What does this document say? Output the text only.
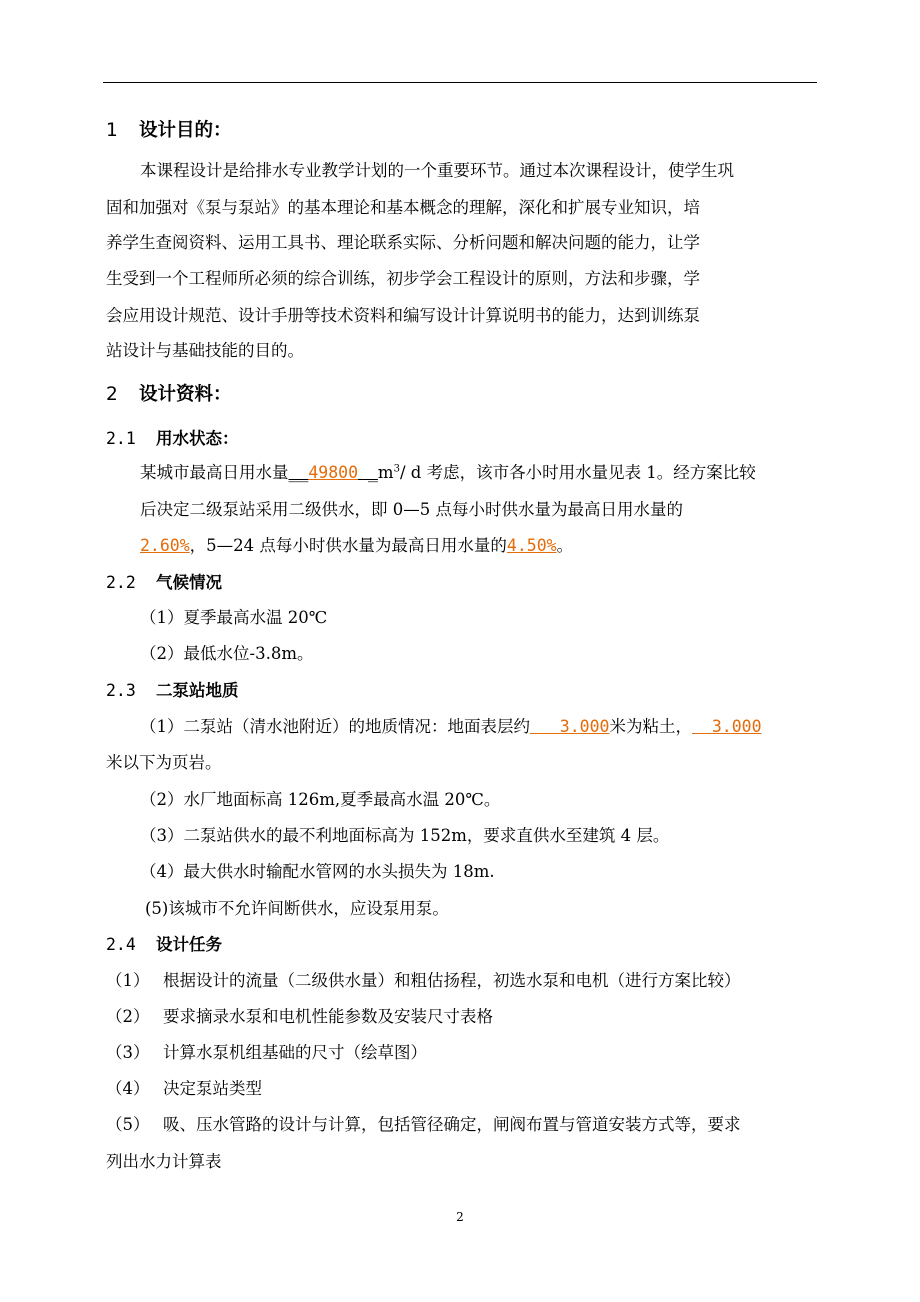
1 设计目的：
本课程设计是给排水专业教学计划的一个重要环节。通过本次课程设计，使学生巩
固和加强对《泵与泵站》的基本理论和基本概念的理解，深化和扩展专业知识，培
养学生查阅资料、运用工具书、理论联系实际、分析问题和解决问题的能力，让学
生受到一个工程师所必须的综合训练，初步学会工程设计的原则，方法和步骤，学
会应用设计规范、设计手册等技术资料和编写设计计算说明书的能力，达到训练泵
站设计与基础技能的目的。
2 设计资料：
2.1 用水状态：
某城市最高日用水量__49800 $\_m^3/$ d 考虑，该市各小时用水量见表 1。经方案比较
后决定二级泵站采用二级供水，即 0—5 点每小时供水量为最高日用水量的
2.60%，5—24 点每小时供水量为最高日用水量的4.50%。
2.2 气候情况
（1）夏季最高水温 20℃
（2）最低水位-3.8m。
2.3 二泵站地质
（1）二泵站（清水池附近）的地质情况：地面表层约   3.000米为粘土，  3.000
米以下为页岩。
（2）水厂地面标高 126m,夏季最高水温 20℃。
（3）二泵站供水的最不利地面标高为 152m，要求直供水至建筑 4 层。
（4）最大供水时输配水管网的水头损失为 18m.
(5)该城市不允许间断供水，应设泵用泵。
2.4 设计任务
（1） 根据设计的流量（二级供水量）和粗估扬程，初选水泵和电机（进行方案比较）
（2） 要求摘录水泵和电机性能参数及安装尺寸表格
（3） 计算水泵机组基础的尺寸（绘草图）
（4） 决定泵站类型
（5） 吸、压水管路的设计与计算，包括管径确定，闸阀布置与管道安装方式等，要求
列出水力计算表
2
